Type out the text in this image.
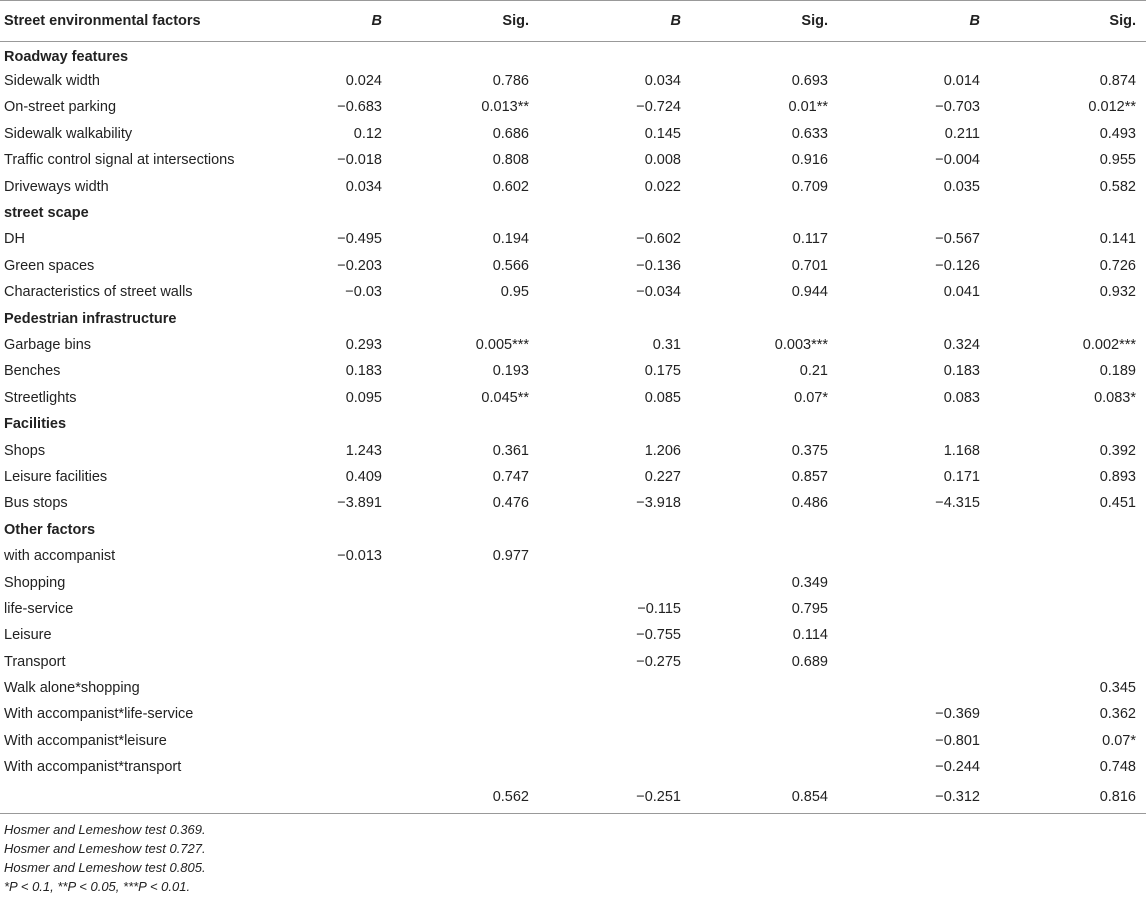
Street environmental factors	B	Sig.	B	Sig.	B	Sig.
Roadway features						
Sidewalk width	0.024	0.786	0.034	0.693	0.014	0.874
On-street parking	−0.683	0.013**	−0.724	0.01**	−0.703	0.012**
Sidewalk walkability	0.12	0.686	0.145	0.633	0.211	0.493
Traffic control signal at intersections	−0.018	0.808	0.008	0.916	−0.004	0.955
Driveways width	0.034	0.602	0.022	0.709	0.035	0.582
street scape						
DH	−0.495	0.194	−0.602	0.117	−0.567	0.141
Green spaces	−0.203	0.566	−0.136	0.701	−0.126	0.726
Characteristics of street walls	−0.03	0.95	−0.034	0.944	0.041	0.932
Pedestrian infrastructure						
Garbage bins	0.293	0.005***	0.31	0.003***	0.324	0.002***
Benches	0.183	0.193	0.175	0.21	0.183	0.189
Streetlights	0.095	0.045**	0.085	0.07*	0.083	0.083*
Facilities						
Shops	1.243	0.361	1.206	0.375	1.168	0.392
Leisure facilities	0.409	0.747	0.227	0.857	0.171	0.893
Bus stops	−3.891	0.476	−3.918	0.486	−4.315	0.451
Other factors						
with accompanist	−0.013	0.977				
Shopping				0.349		
life-service			−0.115	0.795		
Leisure			−0.755	0.114		
Transport			−0.275	0.689		
Walk alone*shopping						0.345
With accompanist*life-service					−0.369	0.362
With accompanist*leisure					−0.801	0.07*
With accompanist*transport					−0.244	0.748
		0.562	−0.251	0.854	−0.312	0.816
Hosmer and Lemeshow test 0.369.
Hosmer and Lemeshow test 0.727.
Hosmer and Lemeshow test 0.805.
*P < 0.1, **P < 0.05, ***P < 0.01.
